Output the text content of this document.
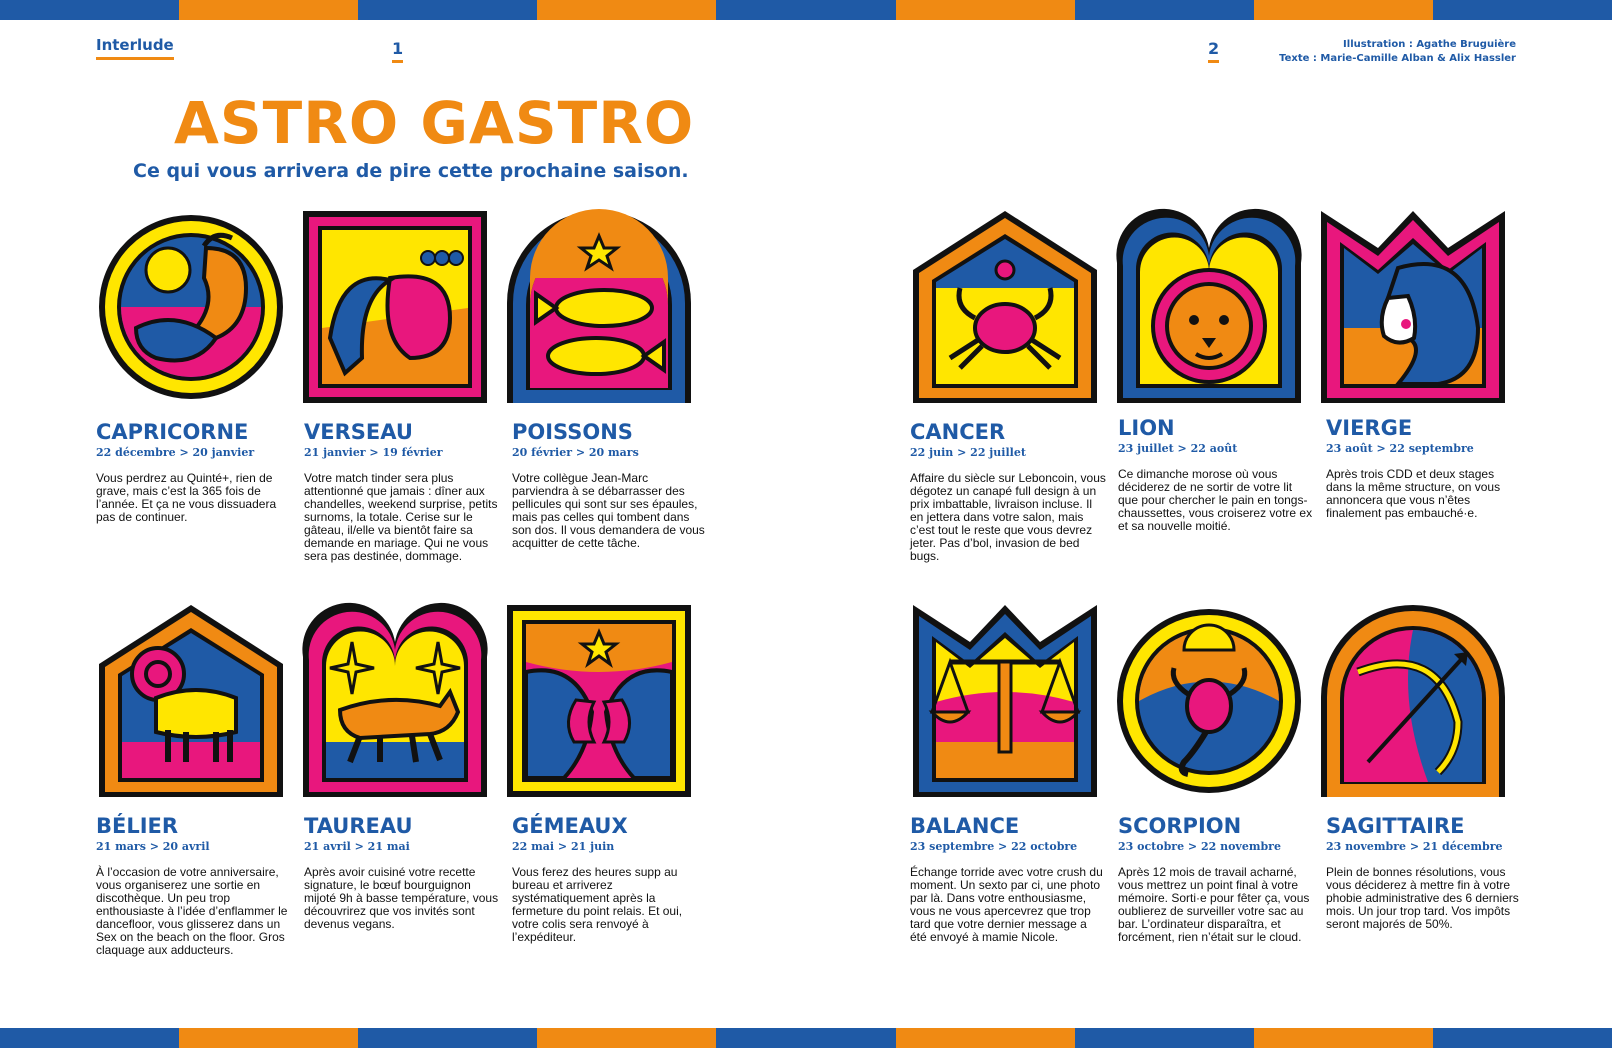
Interlude	1	2	Illustration : Agathe Bruguière
Texte : Marie-Camille Alban & Alix Hassler
ASTRO GASTRO
Ce qui vous arrivera de pire cette prochaine saison.
CAPRICORNE
22 décembre > 20 janvier
Vous perdrez au Quinté+, rien de grave, mais c’est la 365 fois de l’année. Et ça ne vous dissuadera pas de continuer.
VERSEAU
21 janvier > 19 février
Votre match tinder sera plus attentionné que jamais : dîner aux chandelles, weekend surprise, petits surnoms, la totale. Cerise sur le gâteau, il/elle va bientôt faire sa demande en mariage. Qui ne vous sera pas destinée, dommage.
POISSONS
20 février > 20 mars
Votre collègue Jean-Marc parviendra à se débarrasser des pellicules qui sont sur ses épaules, mais pas celles qui tombent dans son dos. Il vous demandera de vous acquitter de cette tâche.
CANCER
22 juin > 22 juillet
Affaire du siècle sur Leboncoin, vous dégotez un canapé full design à un prix imbattable, livraison incluse. Il en jettera dans votre salon, mais c’est tout le reste que vous devrez jeter. Pas d’bol, invasion de bed bugs.
LION
23 juillet > 22 août
Ce dimanche morose où vous déciderez de ne sortir de votre lit que pour chercher le pain en tongs-chaussettes, vous croiserez votre ex et sa nouvelle moitié.
VIERGE
23 août > 22 septembre
Après trois CDD et deux stages dans la même structure, on vous annoncera que vous n’êtes finalement pas embauché·e.
BÉLIER
21 mars > 20 avril
À l’occasion de votre anniversaire, vous organiserez une sortie en discothèque. Un peu trop enthousiaste à l’idée d’enflammer le dancefloor, vous glisserez dans un Sex on the beach on the floor. Gros claquage aux adducteurs.
TAUREAU
21 avril > 21 mai
Après avoir cuisiné votre recette signature, le bœuf bourguignon mijoté 9h à basse température, vous découvrirez que vos invités sont devenus vegans.
GÉMEAUX
22 mai > 21 juin
Vous ferez des heures supp au bureau et arriverez systématiquement après la fermeture du point relais. Et oui, votre colis sera renvoyé à l’expéditeur.
BALANCE
23 septembre > 22 octobre
Échange torride avec votre crush du moment. Un sexto par ci, une photo par là. Dans votre enthousiasme, vous ne vous apercevrez que trop tard que votre dernier message a été envoyé à mamie Nicole.
SCORPION
23 octobre > 22 novembre
Après 12 mois de travail acharné, vous mettrez un point final à votre mémoire. Sorti·e pour fêter ça, vous oublierez de surveiller votre sac au bar. L’ordinateur disparaîtra, et forcément, rien n’était sur le cloud.
SAGITTAIRE
23 novembre > 21 décembre
Plein de bonnes résolutions, vous vous déciderez à mettre fin à votre phobie administrative des 6 derniers mois. Un jour trop tard. Vos impôts seront majorés de 50%.
